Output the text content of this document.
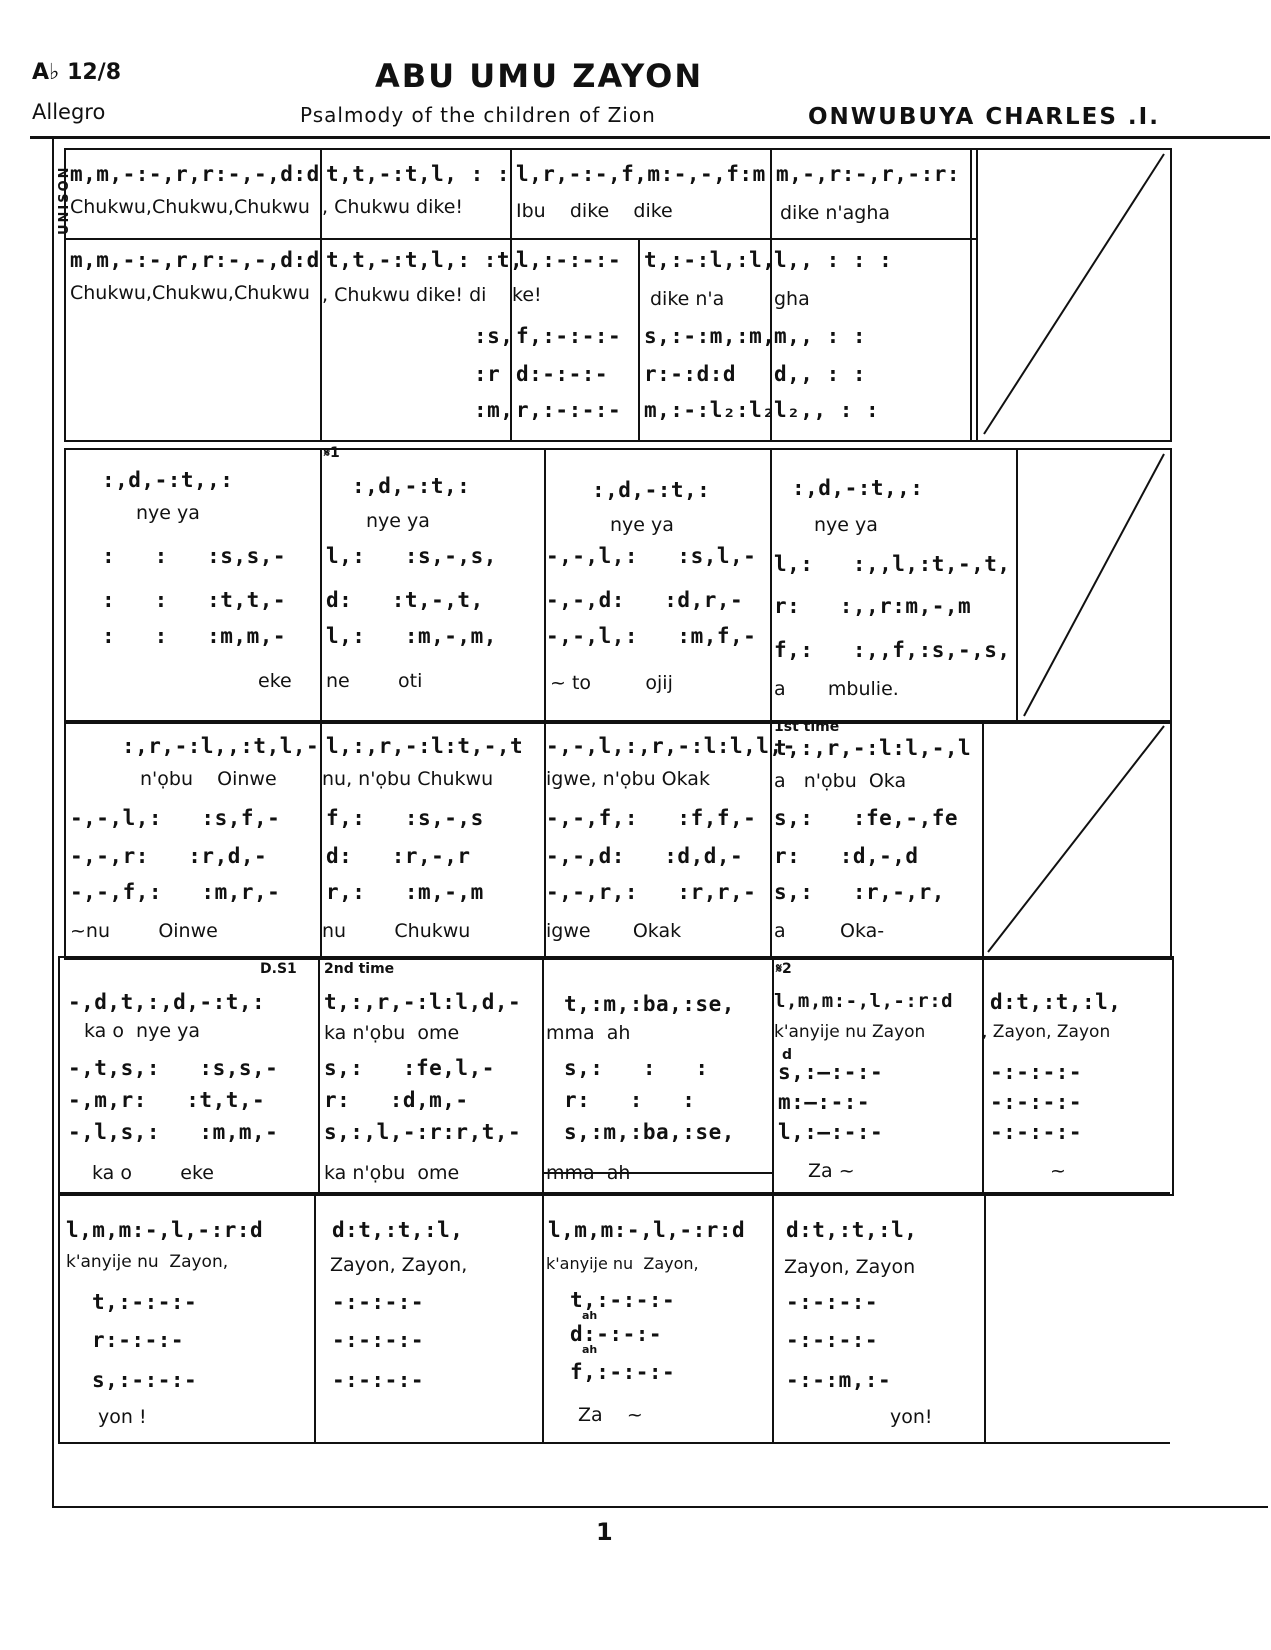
A♭ 12/8
Allegro
ABU UMU ZAYON
Psalmody of the children of Zion	ONWUBUYA CHARLES .I.
UNISON
m,m,-:-,r,r:-,-,d:d
Chukwu,Chukwu,Chukwu
m,m,-:-,r,r:-,-,d:d
Chukwu,Chukwu,Chukwu
t,t,-:t,l, : :
, Chukwu dike!
t,t,-:t,l,: :t,
, Chukwu dike! di
:s,
:r
:m,
l,r,-:-,f,m:-,-,f:m
Ibu    dike    dike
l,:-:-:-
ke!
f,:-:-:-
d:-:-:-
r,:-:-:-
t,:-:l,:l,
dike n'a
s,:-:m,:m,
r:-:d:d
m,:-:l₂:l₂
m,-,r:-,r,-:r:
dike n'agha
l,, : : :
gha
m,, : :
d,, : :
l₂,, : :
:,d,-:t,,:
nye ya
:   :   :s,s,-
:   :   :t,t,-
:   :   :m,m,-
eke
𝄋1
:,d,-:t,:
nye ya
l,:   :s,-,s,
d:   :t,-,t,
l,:   :m,-,m,
ne        oti
:,d,-:t,:
nye ya
-,-,l,:   :s,l,-
-,-,d:   :d,r,-
-,-,l,:   :m,f,-
~ to         ojij
:,d,-:t,,:
nye ya
l,:   :,,l,:t,-,t,
r:   :,,r:m,-,m
f,:   :,,f,:s,-,s,
a       mbulie.
:,r,-:l,,:t,l,-
n'ọbu    Oinwe
-,-,l,:   :s,f,-
-,-,r:   :r,d,-
-,-,f,:   :m,r,-
~nu        Oinwe
l,:,r,-:l:t,-,t
nu, n'ọbu Chukwu
f,:   :s,-,s
d:   :r,-,r
r,:   :m,-,m
nu        Chukwu
-,-,l,:,r,-:l:l,l,-
igwe, n'ọbu Okak
-,-,f,:   :f,f,-
-,-,d:   :d,d,-
-,-,r,:   :r,r,-
igwe       Okak
1st time
t,:,r,-:l:l,-,l
a   n'ọbu  Oka
s,:   :fe,-,fe
r:   :d,-,d
s,:   :r,-,r,
a         Oka-
D.S1
-,d,t,:,d,-:t,:
ka o  nye ya
-,t,s,:   :s,s,-
-,m,r:   :t,t,-
-,l,s,:   :m,m,-
ka o        eke
2nd time
t,:,r,-:l:l,d,-
ka n'ọbu  ome
s,:   :fe,l,-
r:   :d,m,-
s,:,l,-:r:r,t,-
ka n'ọbu  ome
t,:m,:ba,:se,
mma  ah
s,:   :   :
r:   :   :
s,:m,:ba,:se,
mma  ah
𝄋2
l,m,m:-,l,-:r:d
k'anyije nu Zayon
d
s,:—:-:-
m:—:-:-
l,:—:-:-
Za ~
d:t,:t,:l,
, Zayon, Zayon
-:-:-:-
-:-:-:-
-:-:-:-
~
l,m,m:-,l,-:r:d
k'anyije nu  Zayon,
t,:-:-:-
r:-:-:-
s,:-:-:-
yon !
d:t,:t,:l,
Zayon, Zayon,
-:-:-:-
-:-:-:-
-:-:-:-
l,m,m:-,l,-:r:d
k'anyije nu  Zayon,
t,:-:-:-
ah
d:-:-:-
ah
f,:-:-:-
Za    ~
d:t,:t,:l,
Zayon, Zayon
-:-:-:-
-:-:-:-
-:-:m,:-
yon!
1
